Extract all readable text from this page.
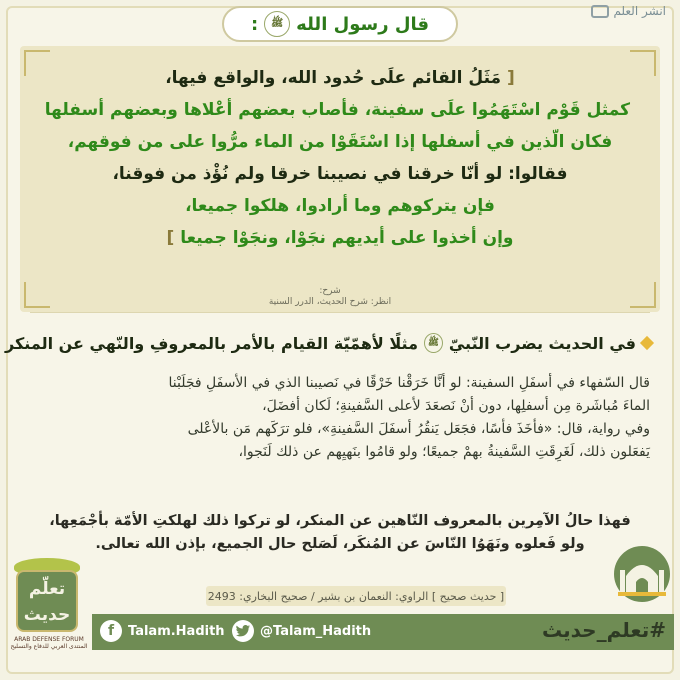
انشر العلم
قال رسول الله
ﷺ
:
[ مَثَلُ القائم علَى حُدود الله، والواقع فيها،
كمثل قَوْم اسْتَهَمُوا علَى سفينة، فأصاب بعضهم أعْلاها وبعضهم أسفلها
فكان الّذين في أسفلها إذا اسْتَقَوْا من الماء مرُّوا على من فوقهم،
فقالوا: لو أنّا خرقنا في نصيبنا خرقا ولم نُؤْذ من فوقنا،
فإن يتركوهم وما أرادوا، هلكوا جميعا،
وإن أخذوا على أيديهم نجَوْا، ونجَوْا جميعا ]
شرح:
انظر: شرح الحديث، الدرر السنية
في الحديث يضرب النّبيّ
ﷺ
مثلًا لأهمّيّة القيام بالأمر بالمعروفِ والنّهي عن المنكر
قال السّفهاء في أسفَلِ السفينة: لو أنَّا خَرَقْنا خَرْقًا في نَصيبنا الذي في الأسفَلِ فجَلَبْنا
الماءَ مُباشَرة مِن أسفلِها، دون أنْ نَصعَدَ لأعلى السَّفينةِ؛ لَكان أفضَلَ،
وفي رواية، قال: «فأخَذَ فأسًا، فجَعَل يَنقُرُ أسفَلَ السَّفينةِ»، فلو ترَكَهم مَن بالأعْلى
يَفعَلون ذلك، لَغَرِقَتِ السَّفينةُ بهمْ جميعًا؛ ولو قامُوا بنَهيِهم عن ذلك لَنَجوا،
فهذا حالُ الآمِرين بالمعروف النّاهين عن المنكر، لو تركوا ذلك لهلكتِ الأمّة بأجْمَعِها،
ولو فَعلوه ونَهَوُا النّاسَ عن المُنكَر، لَصَلح حال الجميع، بإذن الله تعالى.
[ حديث صحيح ] الراوي: النعمان بن بشير / صحيح البخاري: 2493
f	Talam.Hadith	@Talam_Hadith	#تعلم_حديث
تعلّم
حديث
ARAB DEFENSE FORUM
المنتدى العربي للدفاع والتسليح
